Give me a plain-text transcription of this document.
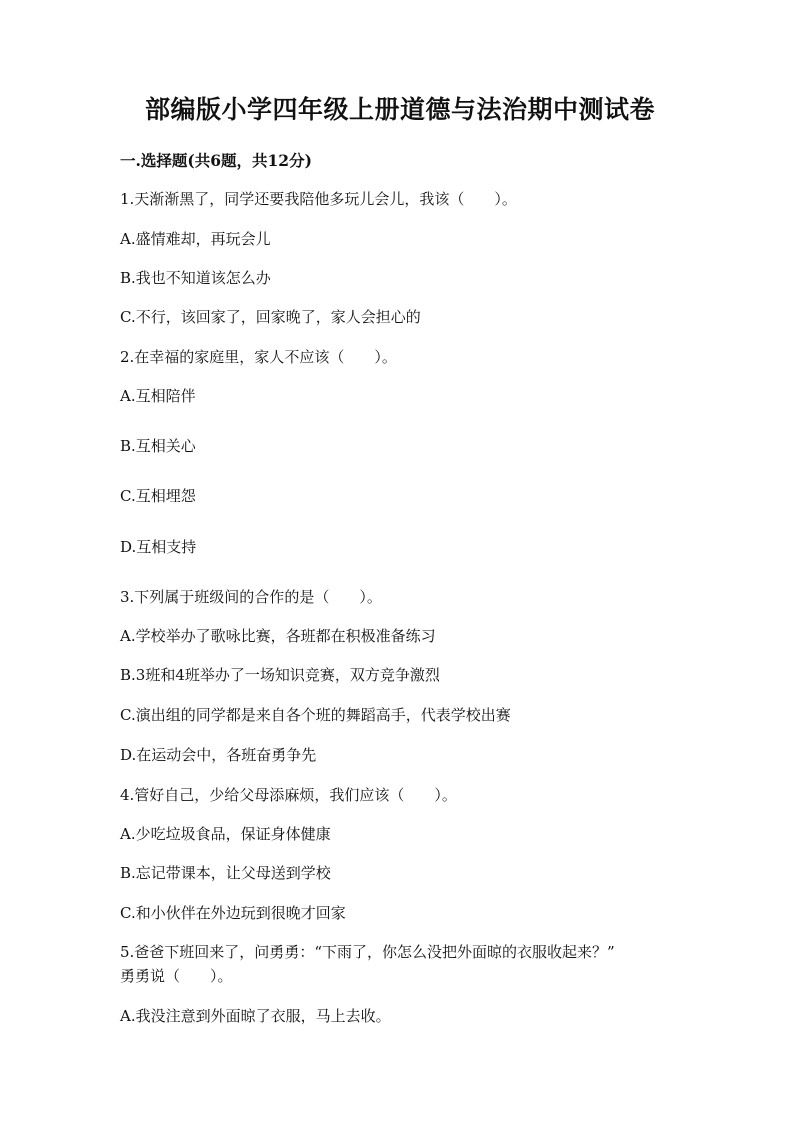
部编版小学四年级上册道德与法治期中测试卷
一.选择题(共6题，共12分)
1.天渐渐黑了，同学还要我陪他多玩儿会儿，我该（　　）。
A.盛情难却，再玩会儿
B.我也不知道该怎么办
C.不行，该回家了，回家晚了，家人会担心的
2.在幸福的家庭里，家人不应该（　　）。
A.互相陪伴
B.互相关心
C.互相埋怨
D.互相支持
3.下列属于班级间的合作的是（　　）。
A.学校举办了歌咏比赛，各班都在积极准备练习
B.3班和4班举办了一场知识竞赛，双方竞争激烈
C.演出组的同学都是来自各个班的舞蹈高手，代表学校出赛
D.在运动会中，各班奋勇争先
4.管好自己，少给父母添麻烦，我们应该（　　）。
A.少吃垃圾食品，保证身体健康
B.忘记带课本，让父母送到学校
C.和小伙伴在外边玩到很晚才回家
5.爸爸下班回来了，问勇勇：“下雨了，你怎么没把外面晾的衣服收起来？”
勇勇说（　　）。
A.我没注意到外面晾了衣服，马上去收。
